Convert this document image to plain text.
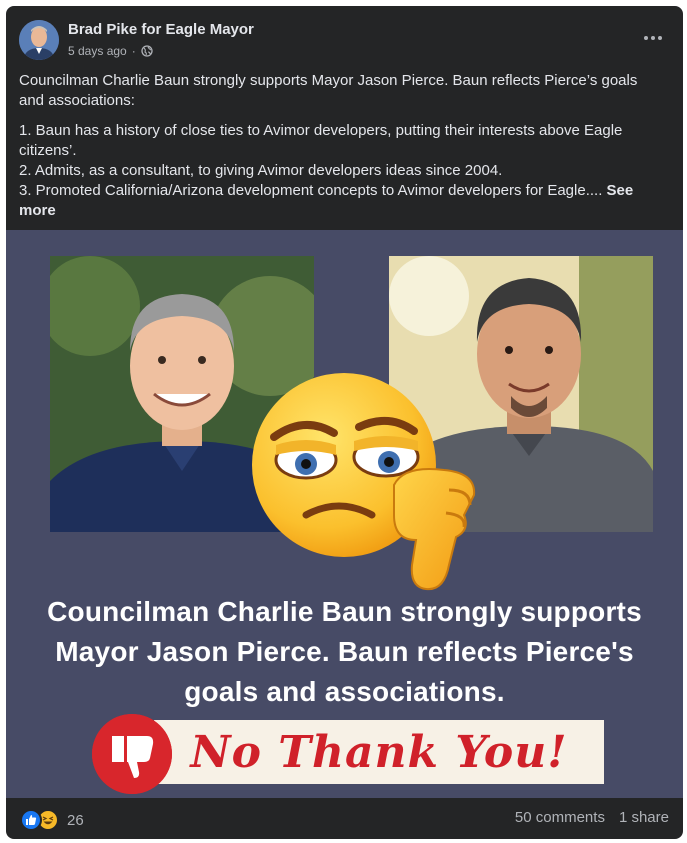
Brad Pike for Eagle Mayor
5 days ago ·

Councilman Charlie Baun strongly supports Mayor Jason Pierce. Baun reflects Pierce’s goals and associations:

1. Baun has a history of close ties to Avimor developers, putting their interests above Eagle citizens’.
2. Admits, as a consultant, to giving Avimor developers ideas since 2004.
3. Promoted California/Arizona development concepts to Avimor developers for Eagle.... See more

Councilman Charlie Baun strongly supports
Mayor Jason Pierce. Baun reflects Pierce's
goals and associations.
No Thank You!
26	50 comments 1 share
